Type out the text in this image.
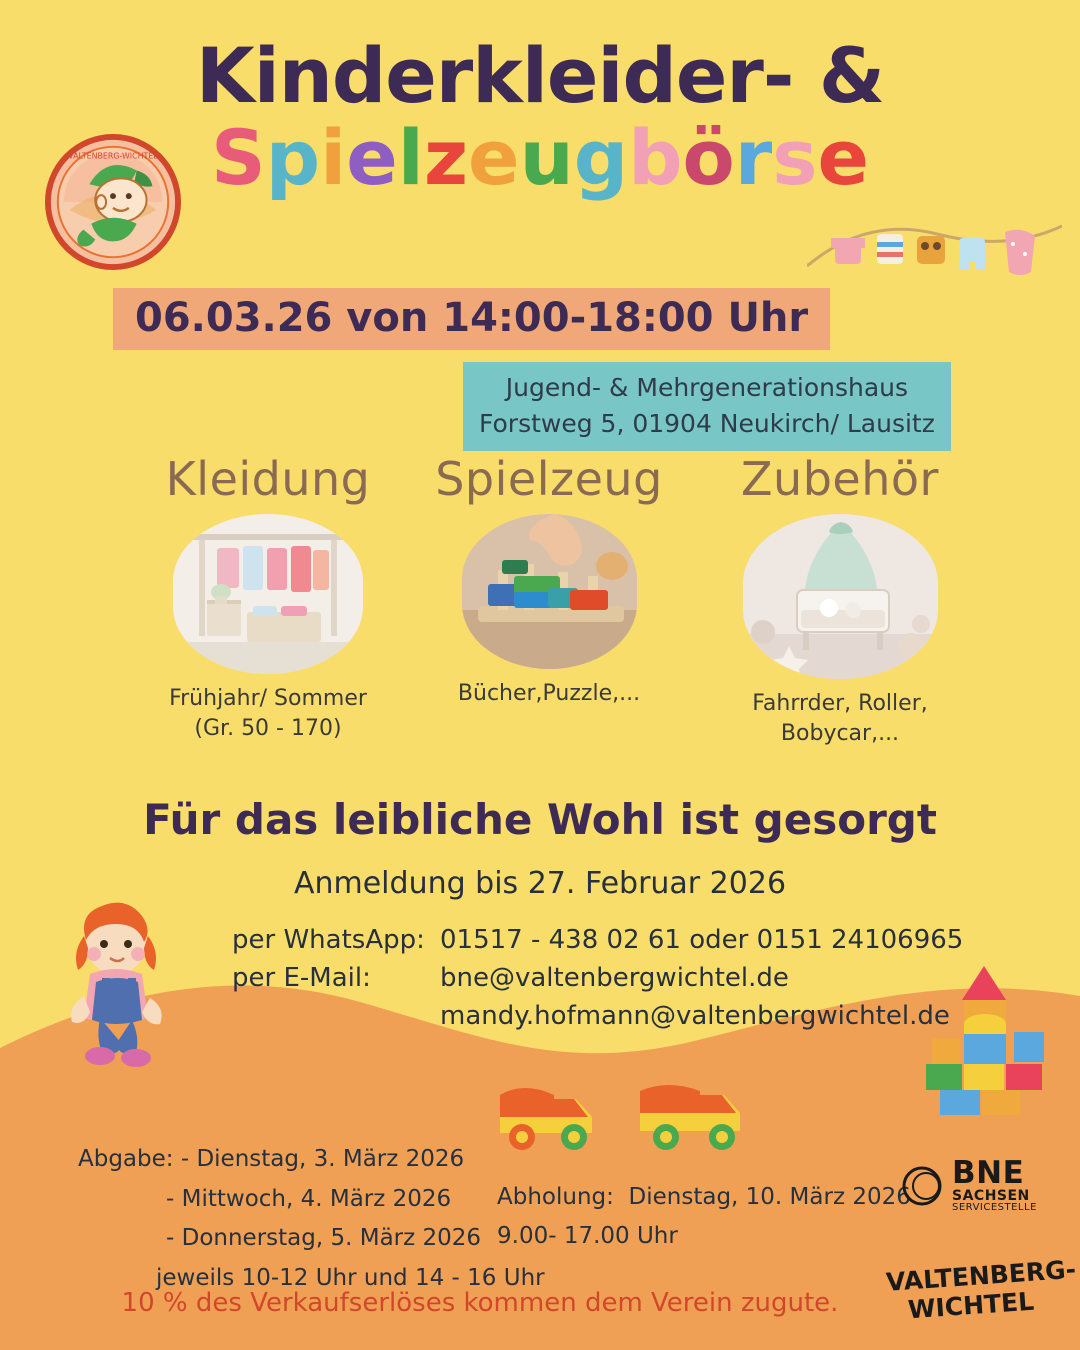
Kinderkleider- &
Spielzeugbörse
VALTENBERG-WICHTEL
06.03.26 von 14:00-18:00 Uhr
Jugend- & Mehrgenerationshaus
Forstweg 5, 01904 Neukirch/ Lausitz
Kleidung
Frühjahr/ Sommer
(Gr. 50 - 170)
Spielzeug
Bücher,Puzzle,...
Zubehör
Fahrrder, Roller, Bobycar,...
Für das leibliche Wohl ist gesorgt
Anmeldung bis 27. Februar 2026
per WhatsApp: 01517 - 438 02 61 oder 0151 24106965
per E-Mail:	bne@valtenbergwichtel.de
mandy.hofmann@valtenbergwichtel.de
Abgabe: - Dienstag, 3. März 2026
- Mittwoch, 4. März 2026
- Donnerstag, 5. März 2026
jeweils 10-12 Uhr und 14 - 16 Uhr
Abholung: Dienstag, 10. März 2026
9.00- 17.00 Uhr
10 % des Verkaufserlöses kommen dem Verein zugute.
BNE
SACHSEN
SERVICESTELLE
VALTENBERG-
WICHTEL
